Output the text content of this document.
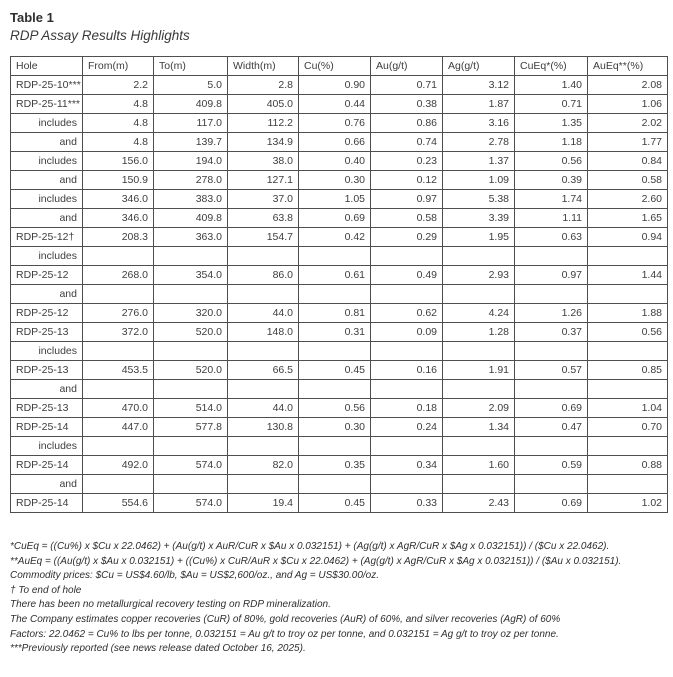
Table 1
RDP Assay Results Highlights
Hole	From(m)	To(m)	Width(m)	Cu(%)	Au(g/t)	Ag(g/t)	CuEq*(%)	AuEq**(%)
RDP-25-10***	2.2	5.0	2.8	0.90	0.71	3.12	1.40	2.08
RDP-25-11***	4.8	409.8	405.0	0.44	0.38	1.87	0.71	1.06
includes	4.8	117.0	112.2	0.76	0.86	3.16	1.35	2.02
and	4.8	139.7	134.9	0.66	0.74	2.78	1.18	1.77
includes	156.0	194.0	38.0	0.40	0.23	1.37	0.56	0.84
and	150.9	278.0	127.1	0.30	0.12	1.09	0.39	0.58
includes	346.0	383.0	37.0	1.05	0.97	5.38	1.74	2.60
and	346.0	409.8	63.8	0.69	0.58	3.39	1.11	1.65
RDP-25-12†	208.3	363.0	154.7	0.42	0.29	1.95	0.63	0.94
includes								
RDP-25-12	268.0	354.0	86.0	0.61	0.49	2.93	0.97	1.44
and								
RDP-25-12	276.0	320.0	44.0	0.81	0.62	4.24	1.26	1.88
RDP-25-13	372.0	520.0	148.0	0.31	0.09	1.28	0.37	0.56
includes								
RDP-25-13	453.5	520.0	66.5	0.45	0.16	1.91	0.57	0.85
and								
RDP-25-13	470.0	514.0	44.0	0.56	0.18	2.09	0.69	1.04
RDP-25-14	447.0	577.8	130.8	0.30	0.24	1.34	0.47	0.70
includes								
RDP-25-14	492.0	574.0	82.0	0.35	0.34	1.60	0.59	0.88
and								
RDP-25-14	554.6	574.0	19.4	0.45	0.33	2.43	0.69	1.02
*CuEq = ((Cu%) x $Cu x 22.0462) + (Au(g/t) x AuR/CuR x $Au x 0.032151) + (Ag(g/t) x AgR/CuR x $Ag x 0.032151)) / ($Cu x 22.0462).
**AuEq = ((Au(g/t) x $Au x 0.032151) + ((Cu%) x CuR/AuR x $Cu x 22.0462) + (Ag(g/t) x AgR/CuR x $Ag x 0.032151)) / ($Au x 0.032151).
Commodity prices: $Cu = US$4.60/lb, $Au = US$2,600/oz., and Ag = US$30.00/oz.
† To end of hole
There has been no metallurgical recovery testing on RDP mineralization.
The Company estimates copper recoveries (CuR) of 80%, gold recoveries (AuR) of 60%, and silver recoveries (AgR) of 60%
Factors: 22.0462 = Cu% to lbs per tonne, 0.032151 = Au g/t to troy oz per tonne, and 0.032151 = Ag g/t to troy oz per tonne.
***Previously reported (see news release dated October 16, 2025).
